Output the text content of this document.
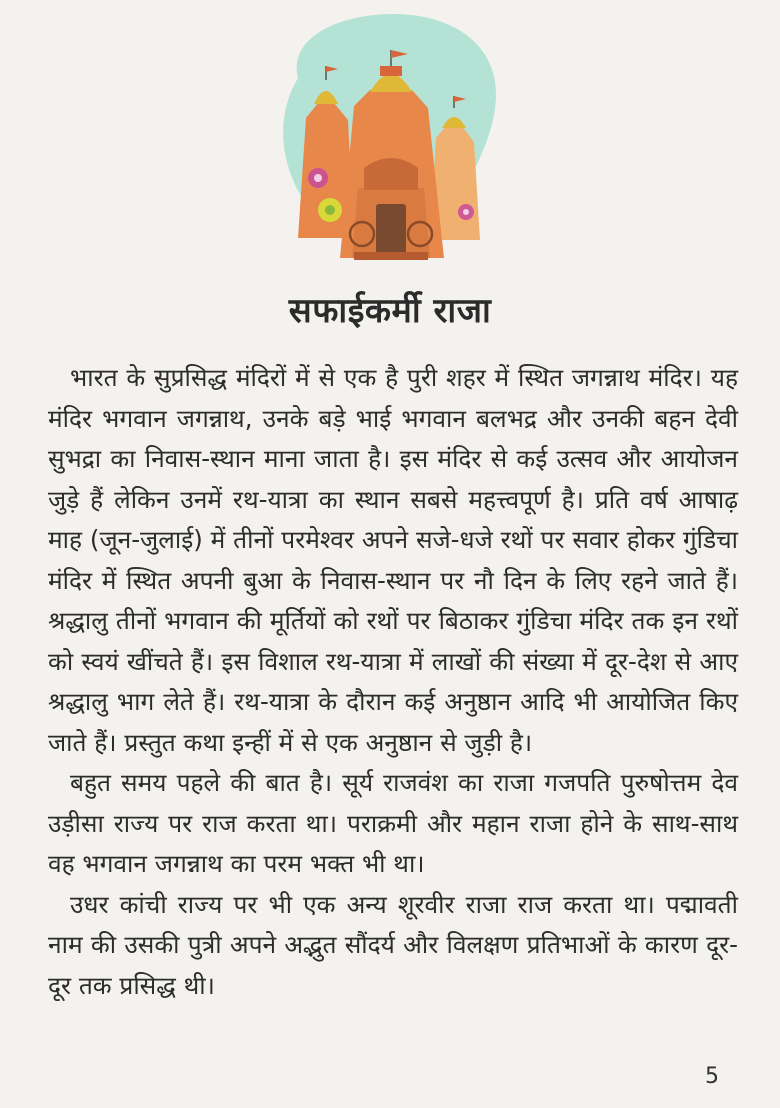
सफाईकर्मी राजा

भारत के सुप्रसिद्ध मंदिरों में से एक है पुरी शहर में स्थित जगन्नाथ मंदिर। यह मंदिर भगवान जगन्नाथ, उनके बड़े भाई भगवान बलभद्र और उनकी बहन देवी सुभद्रा का निवास-स्थान माना जाता है। इस मंदिर से कई उत्सव और आयोजन जुड़े हैं लेकिन उनमें रथ-यात्रा का स्थान सबसे महत्त्वपूर्ण है। प्रति वर्ष आषाढ़ माह (जून-जुलाई) में तीनों परमेश्वर अपने सजे-धजे रथों पर सवार होकर गुंडिचा मंदिर में स्थित अपनी बुआ के निवास-स्थान पर नौ दिन के लिए रहने जाते हैं। श्रद्धालु तीनों भगवान की मूर्तियों को रथों पर बिठाकर गुंडिचा मंदिर तक इन रथों को स्वयं खींचते हैं। इस विशाल रथ-यात्रा में लाखों की संख्या में दूर-देश से आए श्रद्धालु भाग लेते हैं। रथ-यात्रा के दौरान कई अनुष्ठान आदि भी आयोजित किए जाते हैं। प्रस्तुत कथा इन्हीं में से एक अनुष्ठान से जुड़ी है।

बहुत समय पहले की बात है। सूर्य राजवंश का राजा गजपति पुरुषोत्तम देव उड़ीसा राज्य पर राज करता था। पराक्रमी और महान राजा होने के साथ-साथ वह भगवान जगन्नाथ का परम भक्त भी था।

उधर कांची राज्य पर भी एक अन्य शूरवीर राजा राज करता था। पद्मावती नाम की उसकी पुत्री अपने अद्भुत सौंदर्य और विलक्षण प्रतिभाओं के कारण दूर-दूर तक प्रसिद्ध थी।

5
